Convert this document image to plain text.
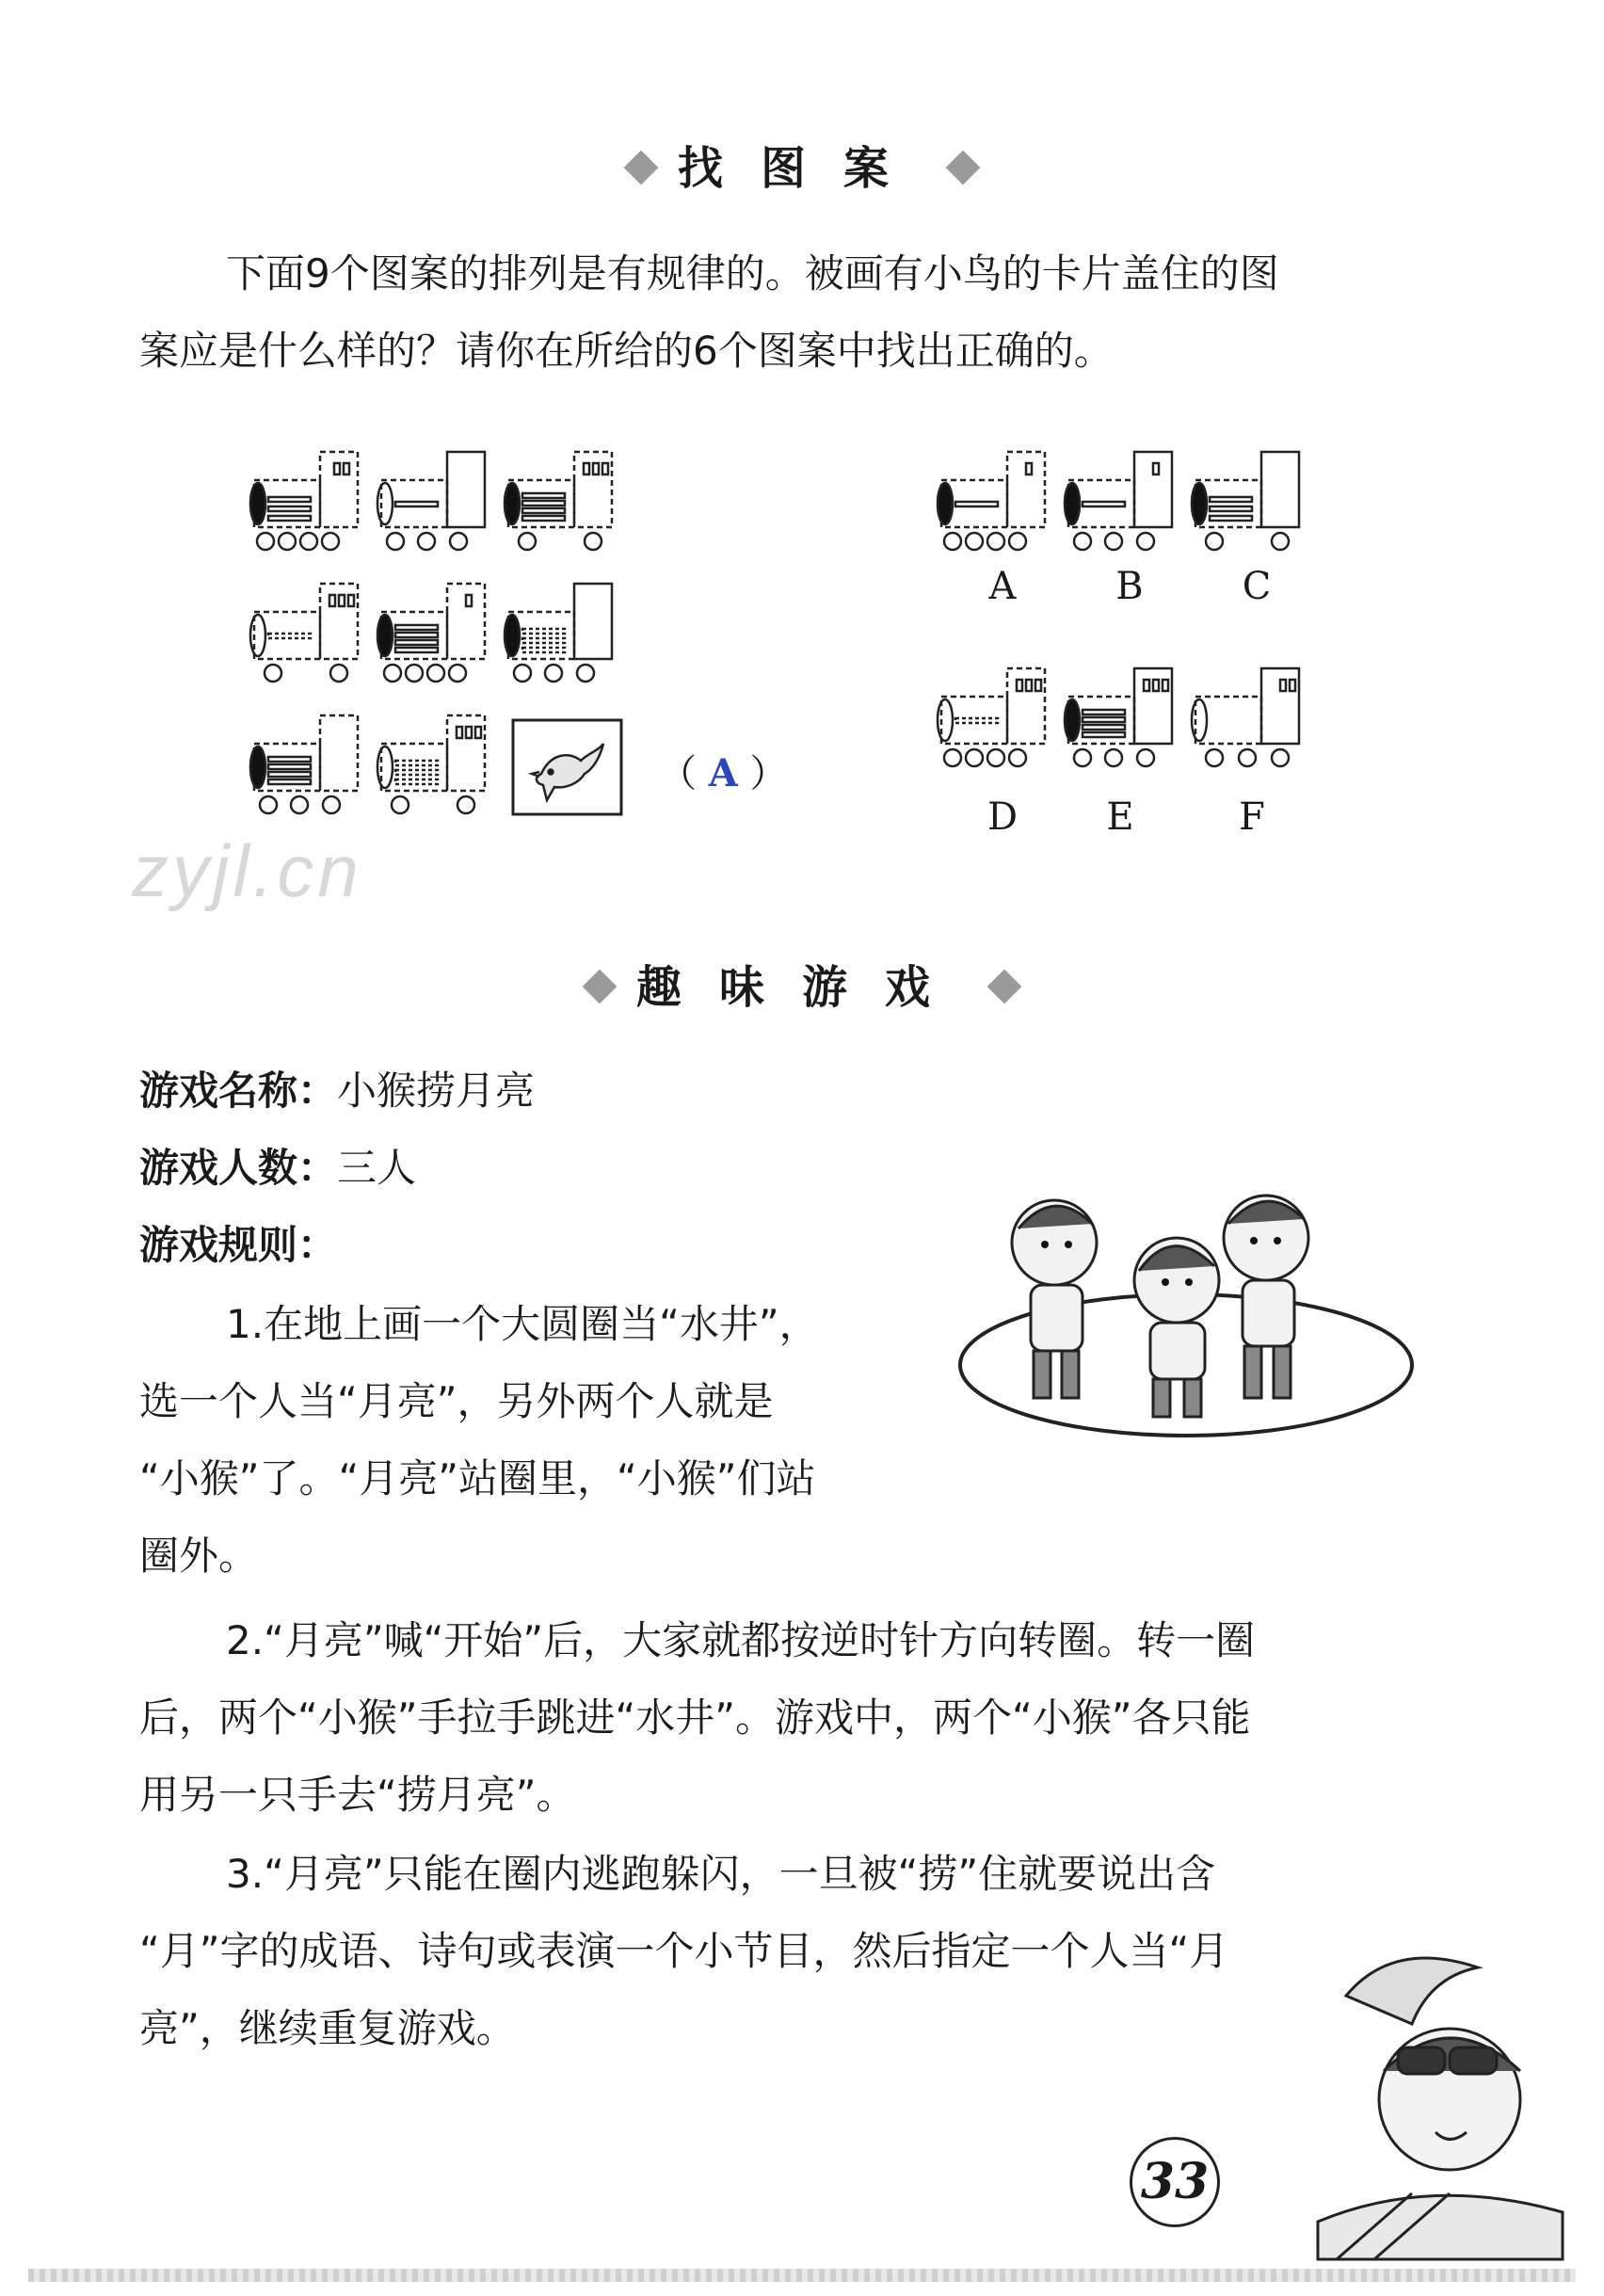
zyjl.cn
找图案
下面9个图案的排列是有规律的。被画有小鸟的卡片盖住的图
案应是什么样的？请你在所给的6个图案中找出正确的。
（ A ）
A	B	C
D	E	F
趣味游戏
游戏名称：小猴捞月亮
游戏人数：三人
游戏规则：
1.在地上画一个大圆圈当“水井”，
选一个人当“月亮”，另外两个人就是
“小猴”了。“月亮”站圈里，“小猴”们站
圈外。
2.“月亮”喊“开始”后，大家就都按逆时针方向转圈。转一圈
后，两个“小猴”手拉手跳进“水井”。游戏中，两个“小猴”各只能
用另一只手去“捞月亮”。
3.“月亮”只能在圈内逃跑躲闪，一旦被“捞”住就要说出含
“月”字的成语、诗句或表演一个小节目，然后指定一个人当“月
亮”，继续重复游戏。
33
